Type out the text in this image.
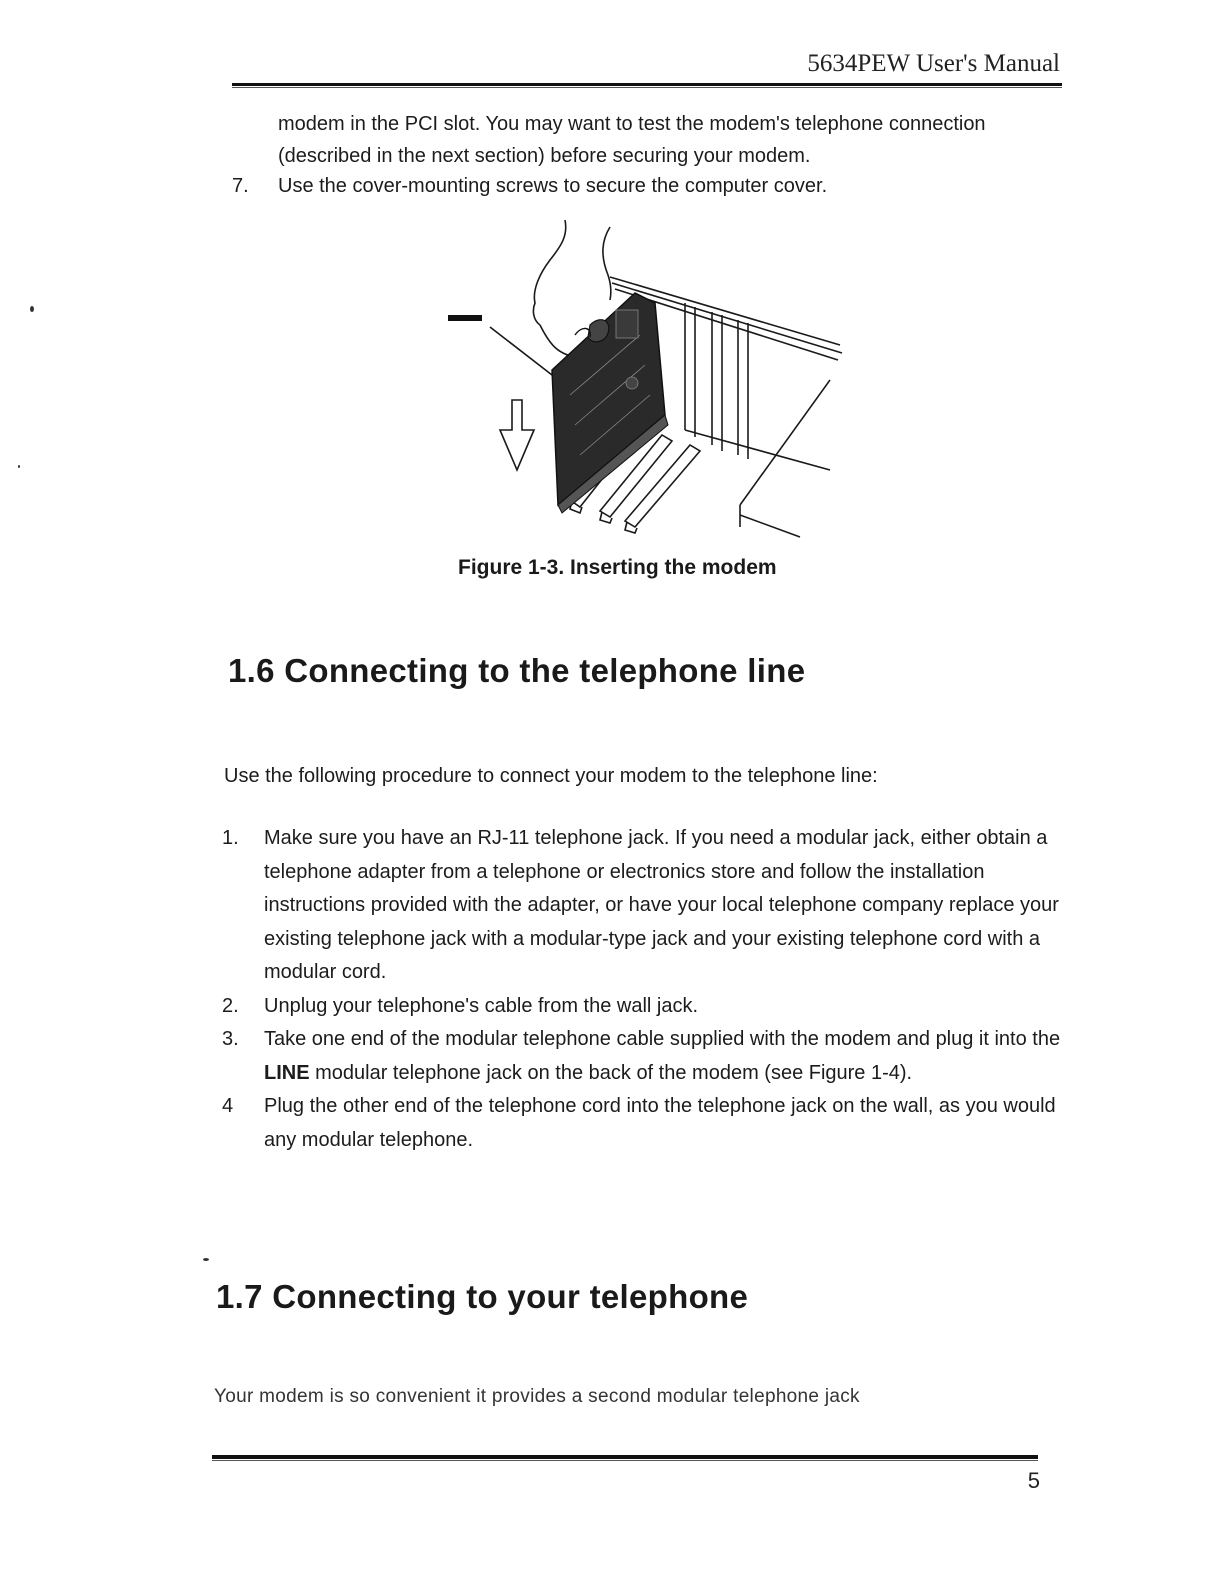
5634PEW User's Manual
modem in the PCI slot. You may want to test the modem's telephone connection (described in the next section) before securing your modem.
7. Use the cover-mounting screws to secure the computer cover.
Figure 1-3. Inserting the modem
1.6 Connecting to the telephone line
Use the following procedure to connect your modem to the telephone line:
1. Make sure you have an RJ-11 telephone jack. If you need a modular jack, either obtain a telephone adapter from a telephone or electronics store and follow the installation instructions provided with the adapter, or have your local telephone company replace your existing telephone jack with a modular-type jack and your existing telephone cord with a modular cord.
2. Unplug your telephone's cable from the wall jack.
3. Take one end of the modular telephone cable supplied with the modem and plug it into the LINE modular telephone jack on the back of the modem (see Figure 1-4).
4 Plug the other end of the telephone cord into the telephone jack on the wall, as you would any modular telephone.
1.7 Connecting to your telephone
Your modem is so convenient it provides a second modular telephone jack
5
